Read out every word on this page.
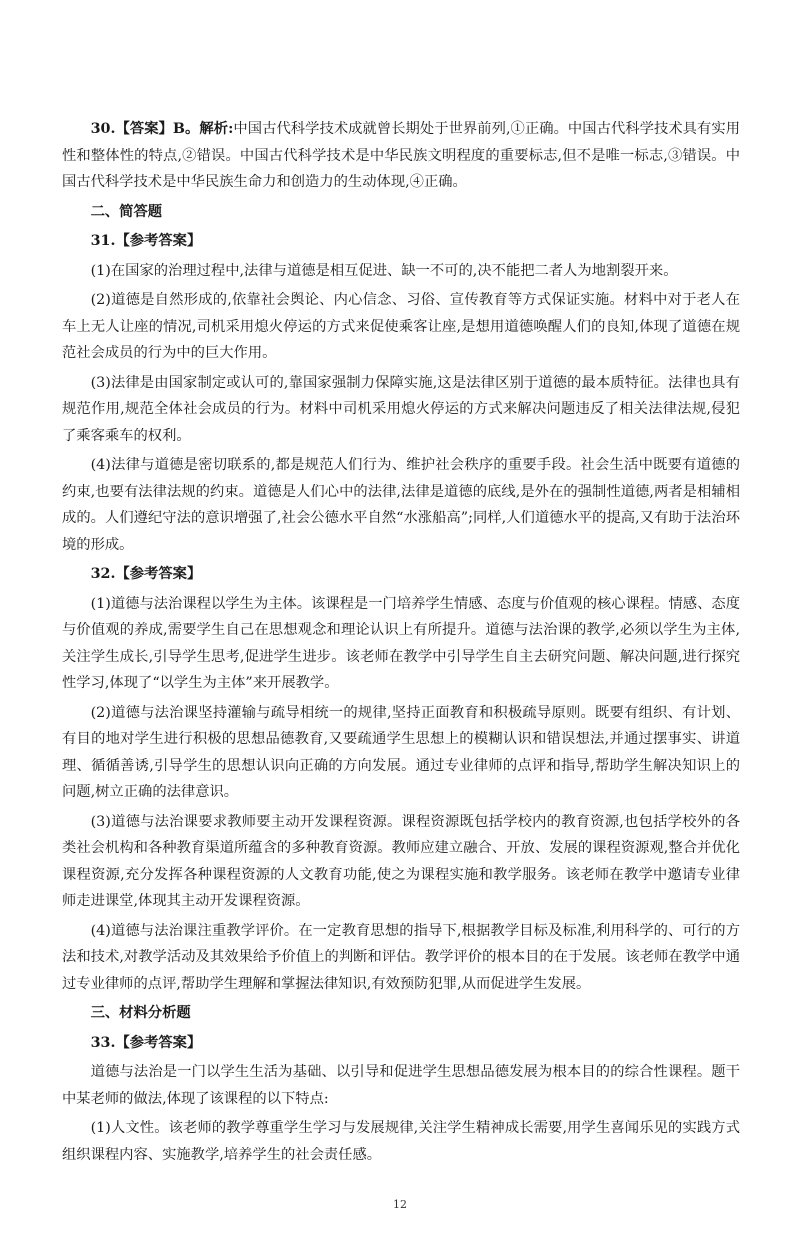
30.【答案】B。解析:中国古代科学技术成就曾长期处于世界前列,①正确。中国古代科学技术具有实用性和整体性的特点,②错误。中国古代科学技术是中华民族文明程度的重要标志,但不是唯一标志,③错误。中国古代科学技术是中华民族生命力和创造力的生动体现,④正确。

二、简答题

31.【参考答案】

(1)在国家的治理过程中,法律与道德是相互促进、缺一不可的,决不能把二者人为地割裂开来。

(2)道德是自然形成的,依靠社会舆论、内心信念、习俗、宣传教育等方式保证实施。材料中对于老人在车上无人让座的情况,司机采用熄火停运的方式来促使乘客让座,是想用道德唤醒人们的良知,体现了道德在规范社会成员的行为中的巨大作用。

(3)法律是由国家制定或认可的,靠国家强制力保障实施,这是法律区别于道德的最本质特征。法律也具有规范作用,规范全体社会成员的行为。材料中司机采用熄火停运的方式来解决问题违反了相关法律法规,侵犯了乘客乘车的权利。

(4)法律与道德是密切联系的,都是规范人们行为、维护社会秩序的重要手段。社会生活中既要有道德的约束,也要有法律法规的约束。道德是人们心中的法律,法律是道德的底线,是外在的强制性道德,两者是相辅相成的。人们遵纪守法的意识增强了,社会公德水平自然“水涨船高”;同样,人们道德水平的提高,又有助于法治环境的形成。

32.【参考答案】

(1)道德与法治课程以学生为主体。该课程是一门培养学生情感、态度与价值观的核心课程。情感、态度与价值观的养成,需要学生自己在思想观念和理论认识上有所提升。道德与法治课的教学,必须以学生为主体,关注学生成长,引导学生思考,促进学生进步。该老师在教学中引导学生自主去研究问题、解决问题,进行探究性学习,体现了“以学生为主体”来开展教学。

(2)道德与法治课坚持灌输与疏导相统一的规律,坚持正面教育和积极疏导原则。既要有组织、有计划、有目的地对学生进行积极的思想品德教育,又要疏通学生思想上的模糊认识和错误想法,并通过摆事实、讲道理、循循善诱,引导学生的思想认识向正确的方向发展。通过专业律师的点评和指导,帮助学生解决知识上的问题,树立正确的法律意识。

(3)道德与法治课要求教师要主动开发课程资源。课程资源既包括学校内的教育资源,也包括学校外的各类社会机构和各种教育渠道所蕴含的多种教育资源。教师应建立融合、开放、发展的课程资源观,整合并优化课程资源,充分发挥各种课程资源的人文教育功能,使之为课程实施和教学服务。该老师在教学中邀请专业律师走进课堂,体现其主动开发课程资源。

(4)道德与法治课注重教学评价。在一定教育思想的指导下,根据教学目标及标准,利用科学的、可行的方法和技术,对教学活动及其效果给予价值上的判断和评估。教学评价的根本目的在于发展。该老师在教学中通过专业律师的点评,帮助学生理解和掌握法律知识,有效预防犯罪,从而促进学生发展。

三、材料分析题

33.【参考答案】

道德与法治是一门以学生生活为基础、以引导和促进学生思想品德发展为根本目的的综合性课程。题干中某老师的做法,体现了该课程的以下特点:

(1)人文性。该老师的教学尊重学生学习与发展规律,关注学生精神成长需要,用学生喜闻乐见的实践方式组织课程内容、实施教学,培养学生的社会责任感。

12
